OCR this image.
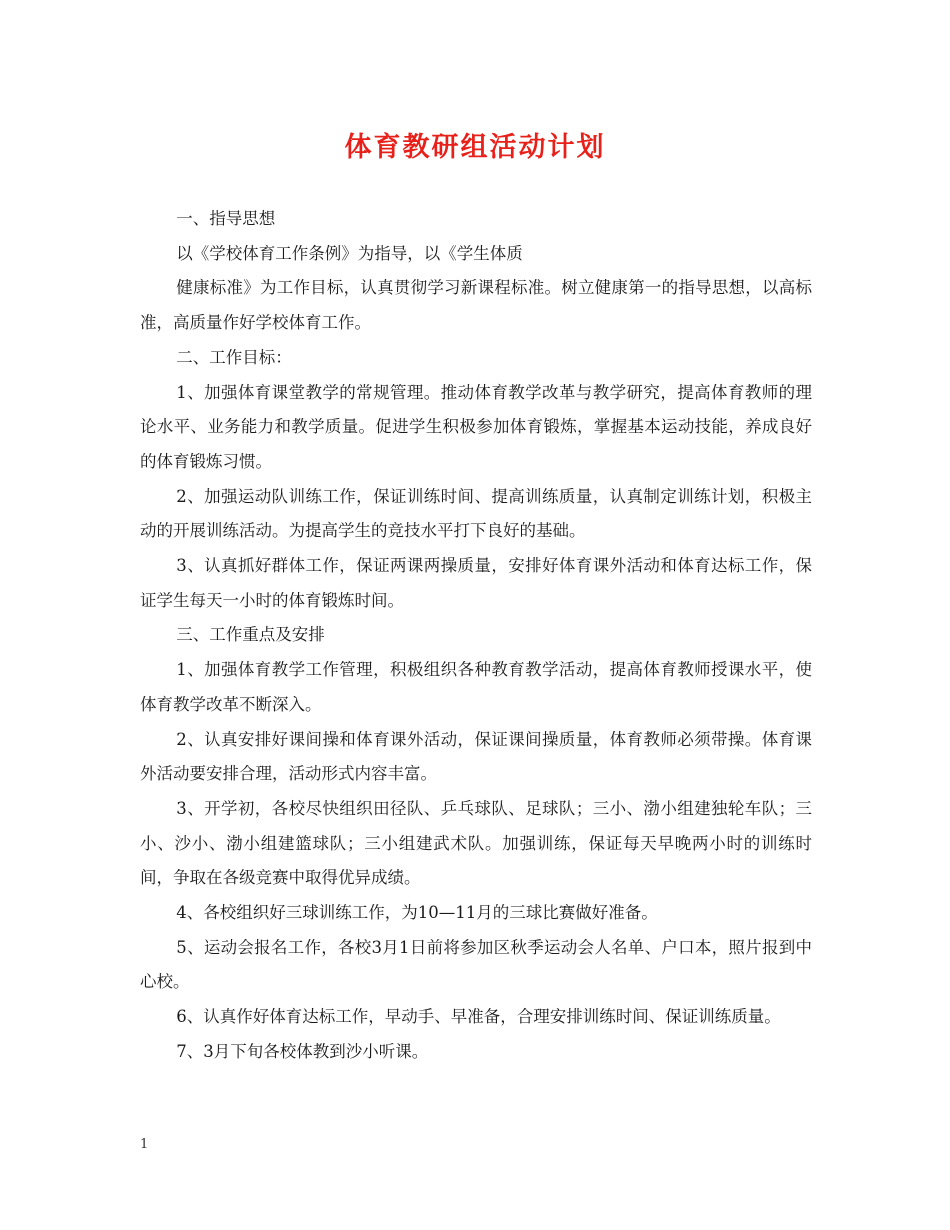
体育教研组活动计划

一、指导思想

以《学校体育工作条例》为指导，以《学生体质

健康标准》为工作目标，认真贯彻学习新课程标准。树立健康第一的指导思想，以高标准，高质量作好学校体育工作。

二、工作目标：

1、加强体育课堂教学的常规管理。推动体育教学改革与教学研究，提高体育教师的理论水平、业务能力和教学质量。促进学生积极参加体育锻炼，掌握基本运动技能，养成良好的体育锻炼习惯。

2、加强运动队训练工作，保证训练时间、提高训练质量，认真制定训练计划，积极主动的开展训练活动。为提高学生的竞技水平打下良好的基础。

3、认真抓好群体工作，保证两课两操质量，安排好体育课外活动和体育达标工作，保证学生每天一小时的体育锻炼时间。

三、工作重点及安排

1、加强体育教学工作管理，积极组织各种教育教学活动，提高体育教师授课水平，使体育教学改革不断深入。

2、认真安排好课间操和体育课外活动，保证课间操质量，体育教师必须带操。体育课外活动要安排合理，活动形式内容丰富。

3、开学初，各校尽快组织田径队、乒乓球队、足球队；三小、渤小组建独轮车队；三小、沙小、渤小组建篮球队；三小组建武术队。加强训练，保证每天早晚两小时的训练时间，争取在各级竞赛中取得优异成绩。

4、各校组织好三球训练工作，为10—11月的三球比赛做好准备。

5、运动会报名工作，各校3月1日前将参加区秋季运动会人名单、户口本，照片报到中心校。

6、认真作好体育达标工作，早动手、早准备，合理安排训练时间、保证训练质量。

7、3月下旬各校体教到沙小听课。

1
